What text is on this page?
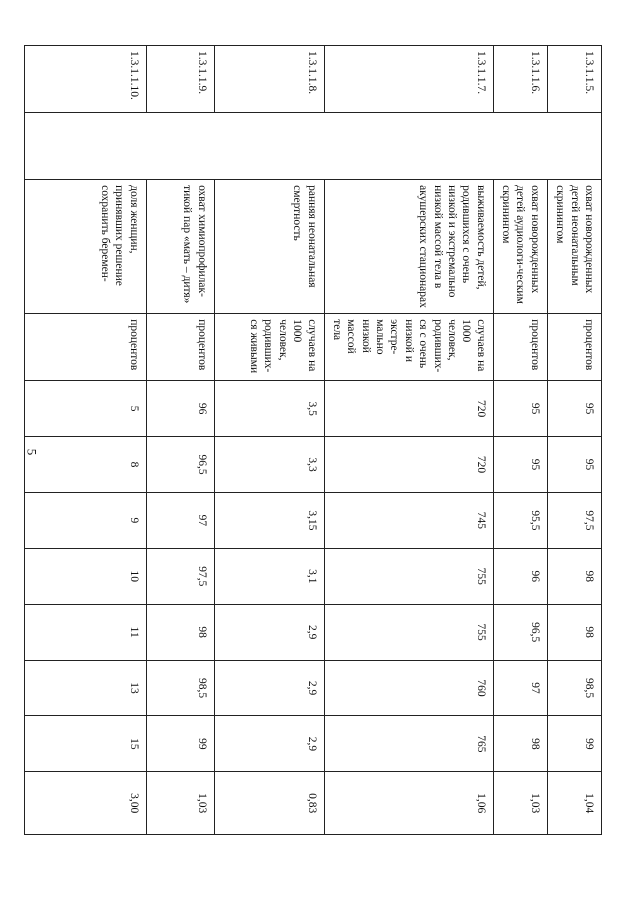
5
1.3.1.1.5.		охват новорожденных детей неонатальным скринингом	процентов	95	95	97,5	98	98	98,5	99	1,04
1.3.1.1.6.		охват новорожденных детей аудиологи-ческим скринингом	процентов	95	95	95,5	96	96,5	97	98	1,03
1.3.1.1.7.		выживаемость детей, родившихся с очень низкой и экстремально низкой массой тела в акушерских стационарах	случаев на 1000 человек, родивших-ся с очень низкой и экстре-мально низкой массой тела	720	720	745	755	755	760	765	1,06
1.3.1.1.8.		ранняя неонатальная смертность	случаев на 1000 человек, родивших-ся живыми	3,5	3,3	3,15	3,1	2,9	2,9	2,9	0,83
1.3.1.1.9.		охват химиопрофилак-тикой пар «мать – дитя»	процентов	96	96,5	97	97,5	98	98,5	99	1,03
1.3.1.1.10.		доля женщин, принявших решение сохранить беремен-	процентов	5	8	9	10	11	13	15	3,00
